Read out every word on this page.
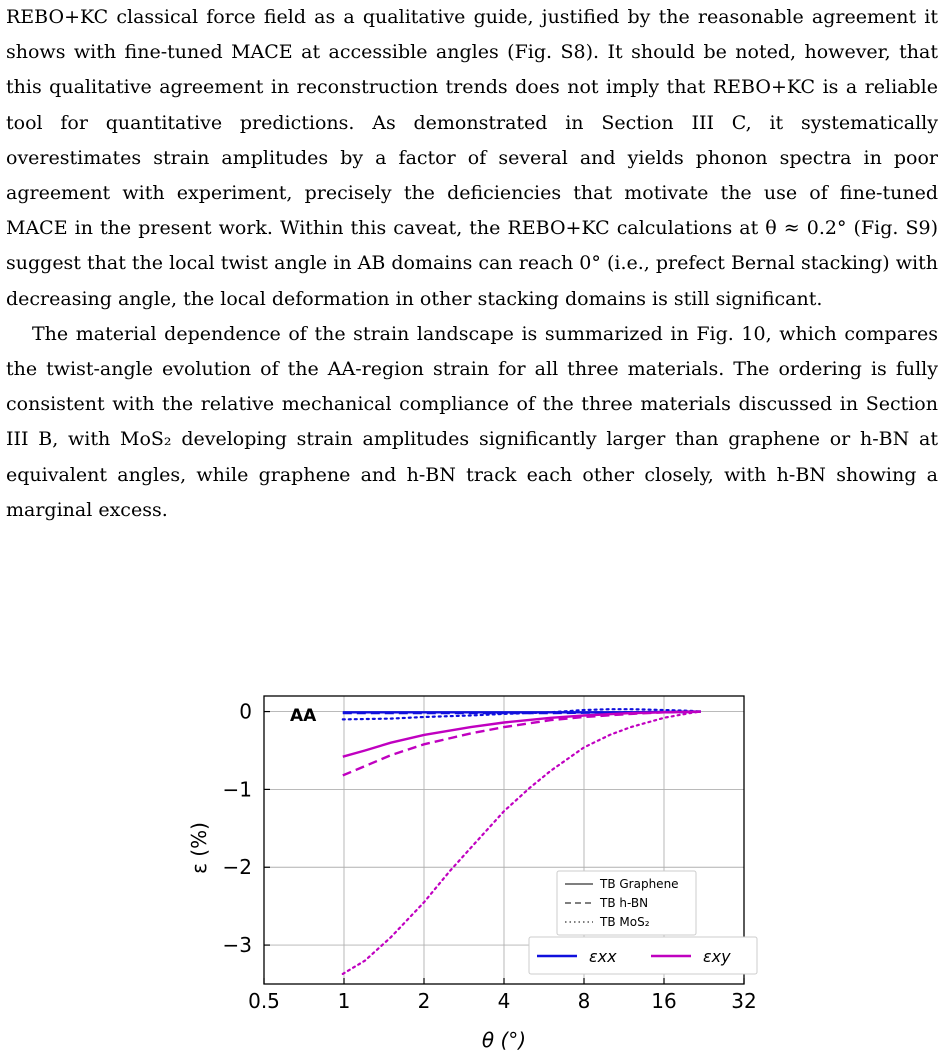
REBO+KC classical force field as a qualitative guide, justified by the reasonable agreement it shows with fine-tuned MACE at accessible angles (Fig. S8). It should be noted, however, that this qualitative agreement in reconstruction trends does not imply that REBO+KC is a reliable tool for quantitative predictions. As demonstrated in Section III C, it systematically overestimates strain amplitudes by a factor of several and yields phonon spectra in poor agreement with experiment, precisely the deficiencies that motivate the use of fine-tuned MACE in the present work. Within this caveat, the REBO+KC calculations at θ ≈ 0.2° (Fig. S9) suggest that the local twist angle in AB domains can reach 0° (i.e., prefect Bernal stacking) with decreasing angle, the local deformation in other stacking domains is still significant.

The material dependence of the strain landscape is summarized in Fig. 10, which compares the twist-angle evolution of the AA-region strain for all three materials. The ordering is fully consistent with the relative mechanical compliance of the three materials discussed in Section III B, with MoS₂ developing strain amplitudes significantly larger than graphene or h-BN at equivalent angles, while graphene and h-BN track each other closely, with h-BN showing a marginal excess.

0.5	1	2	4	8	16	32
0
−1
−2
−3
AA
θ (°)
ε (%)
TB Graphene
TB h-BN
TB MoS₂
εxx	εxy
